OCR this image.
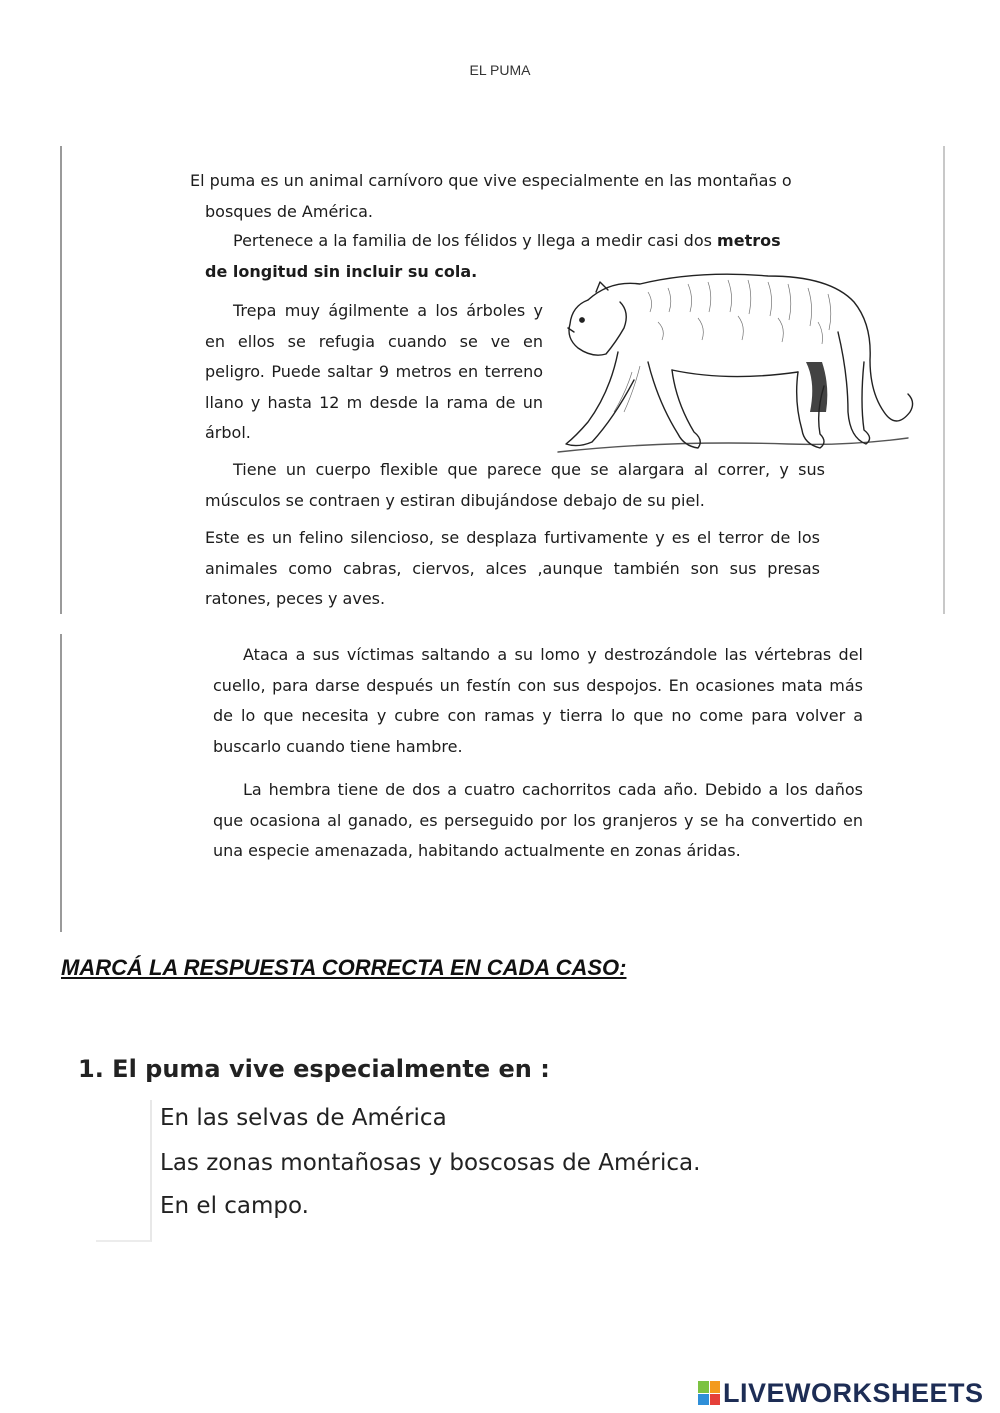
EL PUMA

El puma es un animal carnívoro que vive especialmente en las montañas o
bosques de América.

Pertenece a la familia de los félidos y llega a medir casi dos metros
de longitud sin incluir su cola.

Trepa muy ágilmente a los árboles y en ellos se refugia cuando se ve en peligro. Puede saltar 9 metros en terreno llano y hasta 12 m desde la rama de un árbol.

Tiene un cuerpo flexible que parece que se alargara al correr, y sus músculos se contraen y estiran dibujándose debajo de su piel.

Este es un felino silencioso, se desplaza furtivamente y es el terror de los animales como cabras, ciervos, alces ,aunque también son sus presas ratones, peces y aves.

Ataca a sus víctimas saltando a su lomo y destrozándole las vértebras del cuello, para darse después un festín con sus despojos. En ocasiones mata más de lo que necesita y cubre con ramas y tierra lo que no come para volver a buscarlo cuando tiene hambre.

La hembra tiene de dos a cuatro cachorritos cada año. Debido a los daños que ocasiona al ganado, es perseguido por los granjeros y se ha convertido en una especie amenazada, habitando actualmente en zonas áridas.

MARCÁ LA RESPUESTA CORRECTA EN CADA CASO:
1. El puma vive especialmente en :
En las selvas de América
Las zonas montañosas y boscosas de América.
En el campo.
LIVEWORKSHEETS
